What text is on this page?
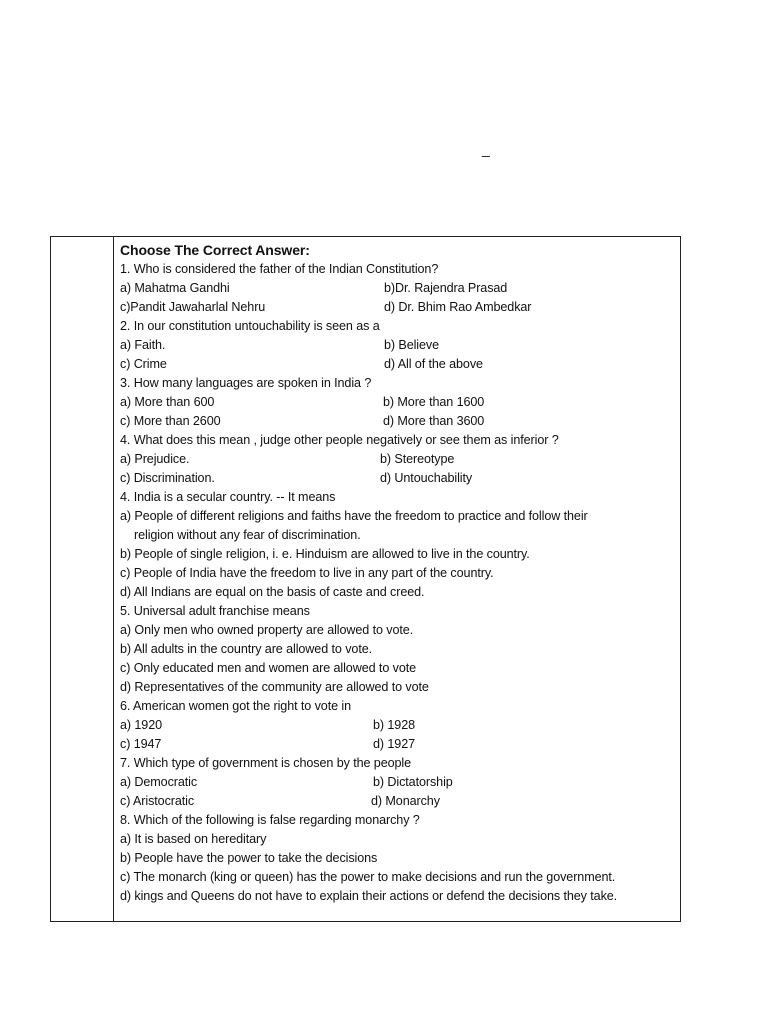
_
Choose The Correct Answer:
1. Who is considered the father of the Indian Constitution?
a) Mahatma Gandhi	b)Dr. Rajendra Prasad
c)Pandit Jawaharlal Nehru	d) Dr. Bhim Rao Ambedkar
2. In our constitution untouchability is seen as a
a) Faith.	b) Believe
c) Crime	d) All of the above
3. How many languages are spoken in India ?
a) More than 600	b) More than 1600
c) More than 2600	d) More than 3600
4. What does this mean , judge other people negatively or see them as inferior ?
a) Prejudice.	b) Stereotype
c) Discrimination.	d) Untouchability
4. India is a secular country. -- It means
a) People of different religions and faiths have the freedom to practice and follow their
religion without any fear of discrimination.
b) People of single religion, i. e. Hinduism are allowed to live in the country.
c) People of India have the freedom to live in any part of the country.
d) All Indians are equal on the basis of caste and creed.
5. Universal adult franchise means
a) Only men who owned property are allowed to vote.
b) All adults in the country are allowed to vote.
c) Only educated men and women are allowed to vote
d) Representatives of the community are allowed to vote
6. American women got the right to vote in
a) 1920	b) 1928
c) 1947	d) 1927
7. Which type of government is chosen by the people
a) Democratic	b) Dictatorship
c) Aristocratic	d) Monarchy
8. Which of the following is false regarding monarchy ?
a) It is based on hereditary
b) People have the power to take the decisions
c) The monarch (king or queen) has the power to make decisions and run the government.
d) kings and Queens do not have to explain their actions or defend the decisions they take.
